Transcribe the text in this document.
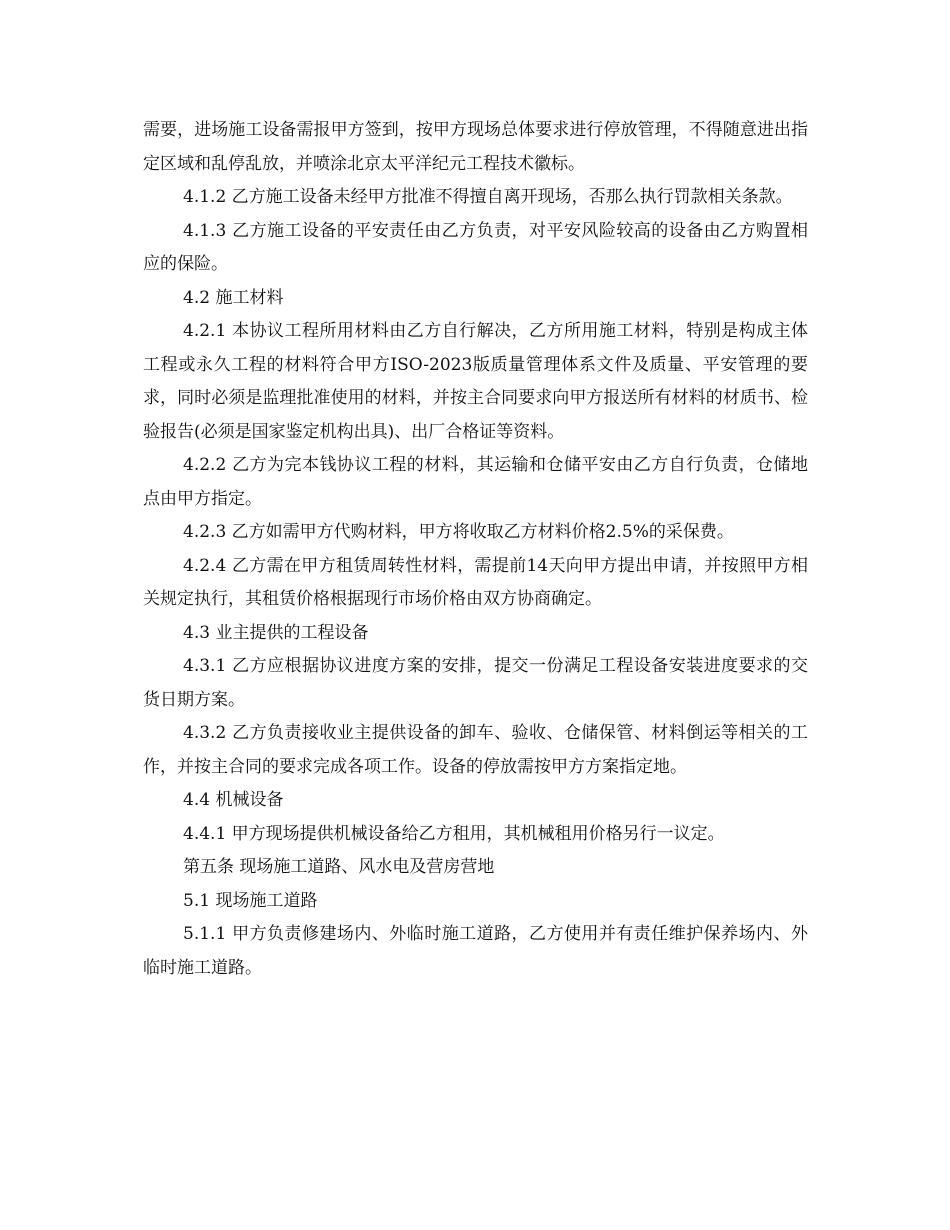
需要，进场施工设备需报甲方签到，按甲方现场总体要求进行停放管理，不得随意进出指定区域和乱停乱放，并喷涂北京太平洋纪元工程技术徽标。

4.1.2 乙方施工设备未经甲方批准不得擅自离开现场，否那么执行罚款相关条款。

4.1.3 乙方施工设备的平安责任由乙方负责，对平安风险较高的设备由乙方购置相应的保险。

4.2 施工材料

4.2.1 本协议工程所用材料由乙方自行解决，乙方所用施工材料，特别是构成主体工程或永久工程的材料符合甲方ISO-2023版质量管理体系文件及质量、平安管理的要求，同时必须是监理批准使用的材料，并按主合同要求向甲方报送所有材料的材质书、检验报告(必须是国家鉴定机构出具)、出厂合格证等资料。

4.2.2 乙方为完本钱协议工程的材料，其运输和仓储平安由乙方自行负责，仓储地点由甲方指定。

4.2.3 乙方如需甲方代购材料，甲方将收取乙方材料价格2.5%的采保费。

4.2.4 乙方需在甲方租赁周转性材料，需提前14天向甲方提出申请，并按照甲方相关规定执行，其租赁价格根据现行市场价格由双方协商确定。

4.3 业主提供的工程设备

4.3.1 乙方应根据协议进度方案的安排，提交一份满足工程设备安装进度要求的交货日期方案。

4.3.2 乙方负责接收业主提供设备的卸车、验收、仓储保管、材料倒运等相关的工作，并按主合同的要求完成各项工作。设备的停放需按甲方方案指定地。

4.4 机械设备

4.4.1 甲方现场提供机械设备给乙方租用，其机械租用价格另行一议定。

第五条 现场施工道路、风水电及营房营地

5.1 现场施工道路

5.1.1 甲方负责修建场内、外临时施工道路，乙方使用并有责任维护保养场内、外临时施工道路。
